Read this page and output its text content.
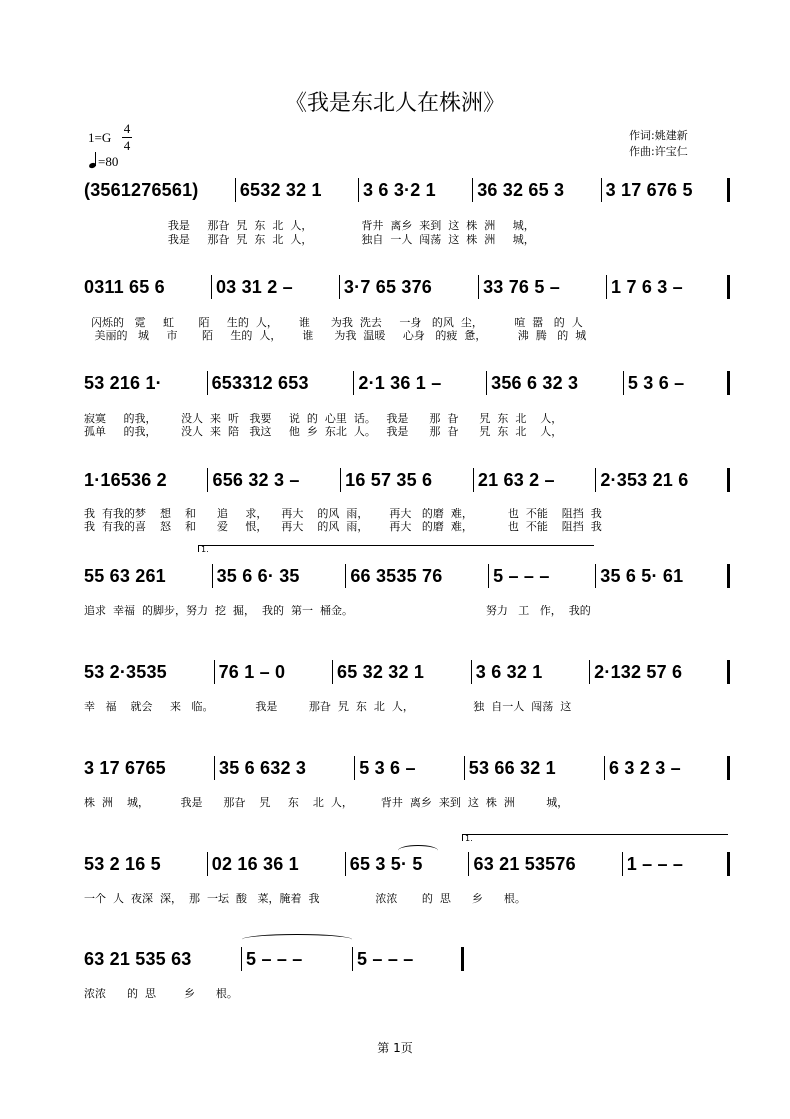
《我是东北人在株洲》
1=G
4
4
=80
作词:姚建新
作曲:许宝仁
(3561276561)	6532 32 1	3 6 3·2 1	36 32 65 3	3 17 676 5
我是     那旮  旯  东  北  人，              背井  离乡  来到  这  株  洲     城，
我是     那旮  旯  东  北  人，              独自  一人  闯荡  这  株  洲     城，
0311 65 6	03 31 2 –	3·7 65 376	33 76 5 –	1 7 6 3 –
闪烁的   霓     虹       陌     生的  人，      谁      为我  洗去     一身   的风  尘，         喧  嚣   的  人
美丽的   城     市       陌     生的  人，      谁      为我  温暖     心身   的疲  惫，         沸  腾   的  城
53 216 1·	653312 653	2·1 36 1 –	356 6 32 3	5 3 6 –
寂寞     的我，       没人  来  听   我要     说  的  心里  话。   我是      那  旮      旯  东  北    人，
孤单     的我，       没人  来  陪   我这     他  乡  东北  人。   我是      那  旮      旯  东  北    人，
1·16536 2	656 32 3 –	16 57 35 6	21 63 2 –	2·353 21 6
我  有我的梦    想    和      追     求，    再大    的风  雨，      再大   的磨  难，          也  不能    阻挡  我
我  有我的喜    怒    和      爱     恨，    再大    的风  雨，      再大   的磨  难，          也  不能    阻挡  我
1.
55 63 261	35 6 6· 35	66 3535 76	5 – – –	35 6 5· 61
追求  幸福  的脚步，努力  挖  掘，  我的  第一  桶金。                                      努力   工   作，  我的
53 2·3535	76 1 – 0	65 32 32 1	3 6 32 1	2·132 57 6
幸   福    就会     来   临。            我是         那旮  旯  东  北  人，                 独  自一人  闯荡  这
3 17 6765	35 6 632 3	5 3 6 –	53 66 32 1	6 3 2 3 –
株  洲    城，         我是      那旮    旯     东    北  人，        背井  离乡  来到  这  株  洲         城，
1.
53 2 16 5	02 16 36 1	65 3 5· 5	63 21 53576	1 – – –
一个  人  夜深  深，  那  一坛  酸   菜，腌着  我                浓浓       的  思      乡      根。
63 21 535 63	5 – – –	5 – – –
浓浓      的  思        乡      根。
第 1页
